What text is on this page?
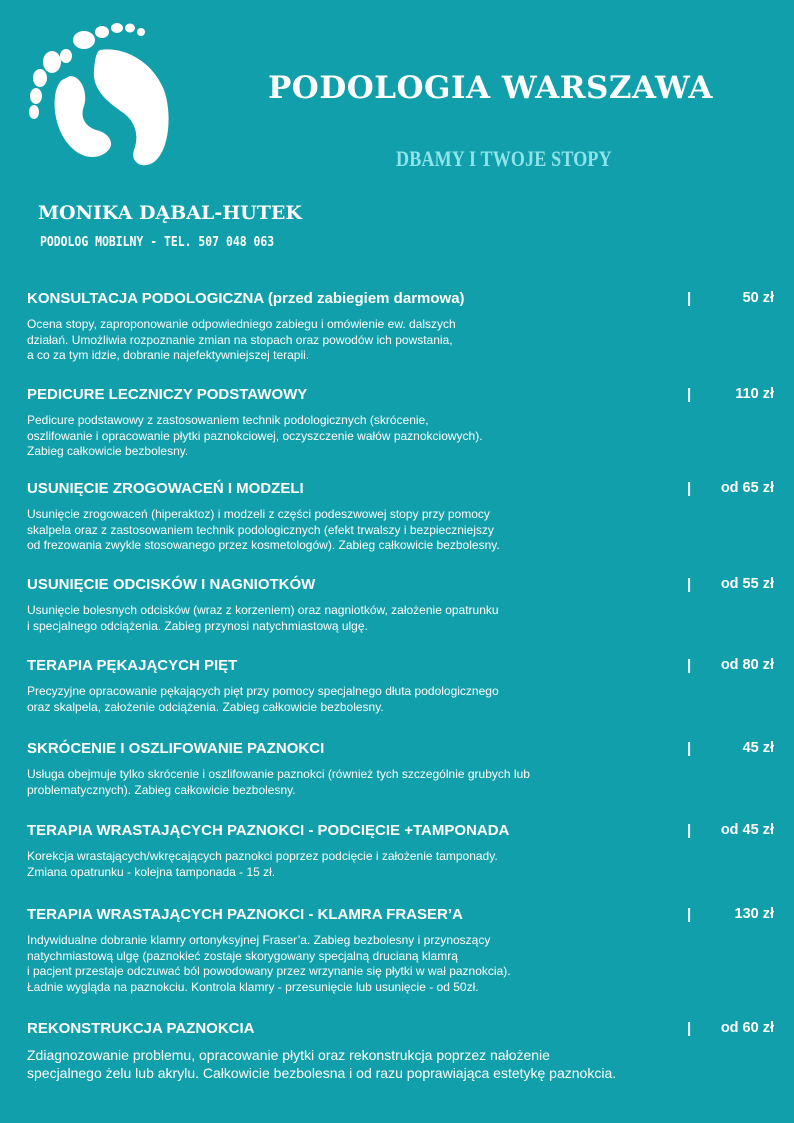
PODOLOGIA WARSZAWA
DBAMY I TWOJE STOPY
MONIKA DĄBAL-HUTEK
PODOLOG MOBILNY - TEL. 507 048 063
KONSULTACJA PODOLOGICZNA (przed zabiegiem darmowa)	|	50 zł

Ocena stopy, zaproponowanie odpowiedniego zabiegu i omówienie ew. dalszych
działań. Umożliwia rozpoznanie zmian na stopach oraz powodów ich powstania,
a co za tym idzie, dobranie najefektywniejszej terapii.

PEDICURE LECZNICZY PODSTAWOWY	|	110 zł

Pedicure podstawowy z zastosowaniem technik podologicznych (skrócenie,
oszlifowanie i opracowanie płytki paznokciowej, oczyszczenie wałów paznokciowych).
Zabieg całkowicie bezbolesny.

USUNIĘCIE ZROGOWACEŃ I MODZELI	| od 65 zł

Usunięcie zrogowaceń (hiperaktoz) i modzeli z części podeszwowej stopy przy pomocy
skalpela oraz z zastosowaniem technik podologicznych (efekt trwalszy i bezpieczniejszy
od frezowania zwykle stosowanego przez kosmetologów). Zabieg całkowicie bezbolesny.

USUNIĘCIE ODCISKÓW I NAGNIOTKÓW	| od 55 zł

Usunięcie bolesnych odcisków (wraz z korzeniem) oraz nagniotków, założenie opatrunku
i specjalnego odciążenia. Zabieg przynosi natychmiastową ulgę.

TERAPIA PĘKAJĄCYCH PIĘT	| od 80 zł

Precyzyjne opracowanie pękających pięt przy pomocy specjalnego dłuta podologicznego
oraz skalpela, założenie odciążenia. Zabieg całkowicie bezbolesny.

SKRÓCENIE I OSZLIFOWANIE PAZNOKCI	|	45 zł

Usługa obejmuje tylko skrócenie i oszlifowanie paznokci (również tych szczególnie grubych lub
problematycznych). Zabieg całkowicie bezbolesny.

TERAPIA WRASTAJĄCYCH PAZNOKCI - PODCIĘCIE +TAMPONADA	| od 45 zł

Korekcja wrastających/wkręcających paznokci poprzez podcięcie i założenie tamponady.
Zmiana opatrunku - kolejna tamponada - 15 zł.

TERAPIA WRASTAJĄCYCH PAZNOKCI - KLAMRA FRASER’A	|	130 zł

Indywidualne dobranie klamry ortonyksyjnej Fraser’a. Zabieg bezbolesny i przynoszący
natychmiastową ulgę (paznokieć zostaje skorygowany specjalną drucianą klamrą
i pacjent przestaje odczuwać ból powodowany przez wrzynanie się płytki w wał paznokcia).
Ładnie wygląda na paznokciu. Kontrola klamry - przesunięcie lub usunięcie - od 50zł.

REKONSTRUKCJA PAZNOKCIA	| od 60 zł

Zdiagnozowanie problemu, opracowanie płytki oraz rekonstrukcja poprzez nałożenie
specjalnego żelu lub akrylu. Całkowicie bezbolesna i od razu poprawiająca estetykę paznokcia.
